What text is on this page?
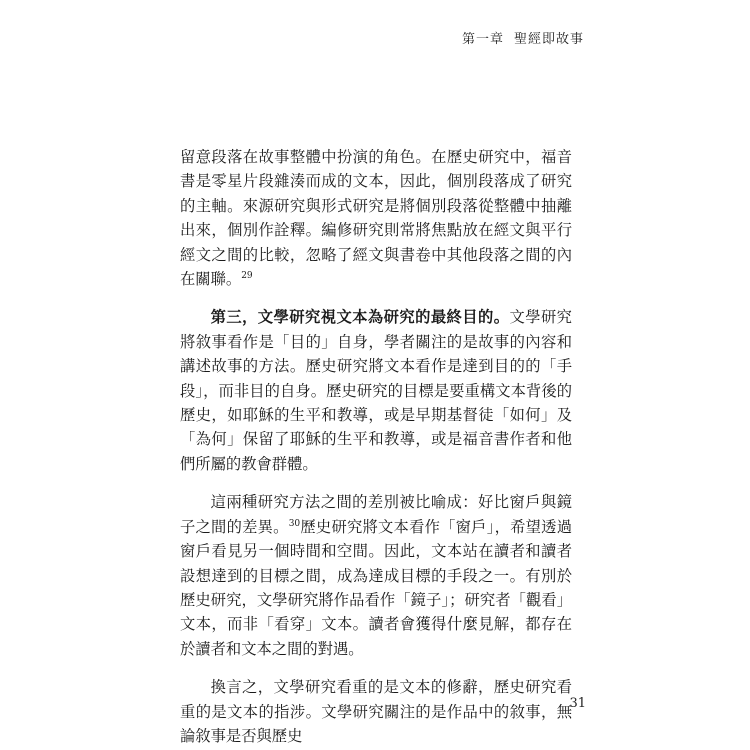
第一章 聖經即故事

留意段落在故事整體中扮演的角色。在歷史研究中，福音書是零星片段雜湊而成的文本，因此，個別段落成了研究的主軸。來源研究與形式研究是將個別段落從整體中抽離出來，個別作詮釋。編修研究則常將焦點放在經文與平行經文之間的比較，忽略了經文與書卷中其他段落之間的內在關聯。$^{29}$

第三，文學研究視文本為研究的最終目的。文學研究將敘事看作是「目的」自身，學者關注的是故事的內容和講述故事的方法。歷史研究將文本看作是達到目的的「手段」，而非目的自身。歷史研究的目標是要重構文本背後的歷史，如耶穌的生平和教導，或是早期基督徒「如何」及「為何」保留了耶穌的生平和教導，或是福音書作者和他們所屬的教會群體。

這兩種研究方法之間的差別被比喻成：好比窗戶與鏡子之間的差異。$^{30}$歷史研究將文本看作「窗戶」，希望透過窗戶看見另一個時間和空間。因此，文本站在讀者和讀者設想達到的目標之間，成為達成目標的手段之一。有別於歷史研究，文學研究將作品看作「鏡子」；研究者「觀看」文本，而非「看穿」文本。讀者會獲得什麼見解，都存在於讀者和文本之間的對遇。

換言之，文學研究看重的是文本的修辭，歷史研究看重的是文本的指涉。文學研究關注的是作品中的敘事，無論敘事是否與歷史

31
